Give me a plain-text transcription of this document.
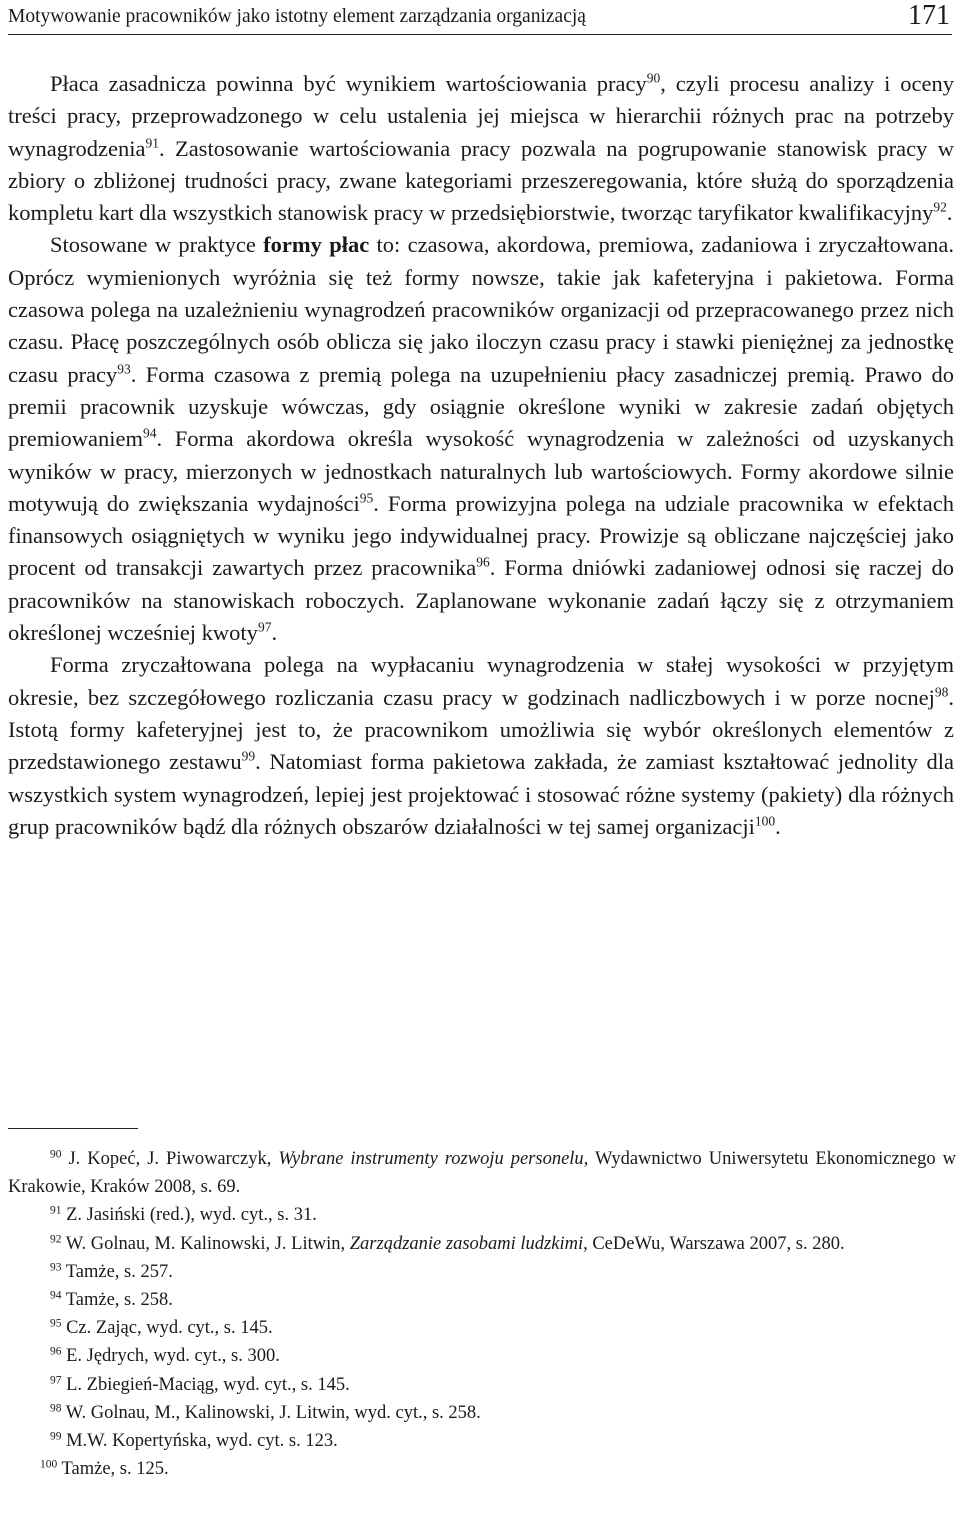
Motywowanie pracowników jako istotny element zarządzania organizacją	171

Płaca zasadnicza powinna być wynikiem wartościowania pracy$^{90}$, czyli procesu analizy i oceny treści pracy, przeprowadzonego w celu ustalenia jej miejsca w hierarchii różnych prac na potrzeby wynagrodzenia$^{91}$. Zastosowanie wartościowania pracy pozwala na pogrupowanie stanowisk pracy w zbiory o zbliżonej trudności pracy, zwane kategoriami przeszeregowania, które służą do sporządzenia kompletu kart dla wszystkich stanowisk pracy w przedsiębiorstwie, tworząc taryfikator kwalifikacyjny$^{92}$.

Stosowane w praktyce formy płac to: czasowa, akordowa, premiowa, zadaniowa i zryczałtowana. Oprócz wymienionych wyróżnia się też formy nowsze, takie jak kafeteryjna i pakietowa. Forma czasowa polega na uzależnieniu wynagrodzeń pracowników organizacji od przepracowanego przez nich czasu. Płacę poszczególnych osób oblicza się jako iloczyn czasu pracy i stawki pieniężnej za jednostkę czasu pracy$^{93}$. Forma czasowa z premią polega na uzupełnieniu płacy zasadniczej premią. Prawo do premii pracownik uzyskuje wówczas, gdy osiągnie określone wyniki w zakresie zadań objętych premiowaniem$^{94}$. Forma akordowa określa wysokość wynagrodzenia w zależności od uzyskanych wyników w pracy, mierzonych w jednostkach naturalnych lub wartościowych. Formy akordowe silnie motywują do zwiększania wydajności$^{95}$. Forma prowizyjna polega na udziale pracownika w efektach finansowych osiągniętych w wyniku jego indywidualnej pracy. Prowizje są obliczane najczęściej jako procent od transakcji zawartych przez pracownika$^{96}$. Forma dniówki zadaniowej odnosi się raczej do pracowników na stanowiskach roboczych. Zaplanowane wykonanie zadań łączy się z otrzymaniem określonej wcześniej kwoty$^{97}$.

Forma zryczałtowana polega na wypłacaniu wynagrodzenia w stałej wysokości w przyjętym okresie, bez szczegółowego rozliczania czasu pracy w godzinach nadliczbowych i w porze nocnej$^{98}$. Istotą formy kafeteryjnej jest to, że pracownikom umożliwia się wybór określonych elementów z przedstawionego zestawu$^{99}$. Natomiast forma pakietowa zakłada, że zamiast kształtować jednolity dla wszystkich system wynagrodzeń, lepiej jest projektować i stosować różne systemy (pakiety) dla różnych grup pracowników bądź dla różnych obszarów działalności w tej samej organizacji$^{100}$.

$^{90}$ J. Kopeć, J. Piwowarczyk, Wybrane instrumenty rozwoju personelu, Wydawnictwo Uniwersytetu Ekonomicznego w Krakowie, Kraków 2008, s. 69.

$^{91}$ Z. Jasiński (red.), wyd. cyt., s. 31.

$^{92}$ W. Golnau, M. Kalinowski, J. Litwin, Zarządzanie zasobami ludzkimi, CeDeWu, Warszawa 2007, s. 280.

$^{93}$ Tamże, s. 257.

$^{94}$ Tamże, s. 258.

$^{95}$ Cz. Zając, wyd. cyt., s. 145.

$^{96}$ E. Jędrych, wyd. cyt., s. 300.

$^{97}$ L. Zbiegień-Maciąg, wyd. cyt., s. 145.

$^{98}$ W. Golnau, M., Kalinowski, J. Litwin, wyd. cyt., s. 258.

$^{99}$ M.W. Kopertyńska, wyd. cyt. s. 123.

$^{100}$ Tamże, s. 125.
